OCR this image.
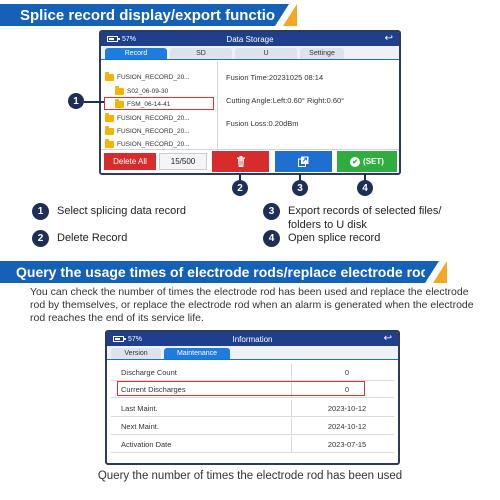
Splice record display/export function
57%	Data Storage	↩
Record	SD	U	Settinge
FUSION_RECORD_20...
S02_06-09-30
FSM_06-14-41
FUSION_RECORD_20...
FUSION_RECORD_20...
FUSION_RECORD_20...
Fusion Time:20231025 08:14
Cutting Angle:Left:0.60° Right:0.60°
Fusion Loss:0.20dBm
Delete All	15/500	✔ (SET)
1
2	3	4
1	Select splicing data record
2	Delete Record
3	Export records of selected files/ folders to U disk
4	Open splice record
Query the usage times of electrode rods/replace electrode rods

You can check the number of times the electrode rod has been used and replace the electrode rod by themselves, or replace the electrode rod when an alarm is generated when the electrode rod reaches the end of its service life.

57%	Information	↩
Version	Maintenance
Discharge Count	0
Current Discharges	0
Last Maint.	2023-10-12
Next Maint.	2024-10-12
Activation Date	2023-07-15
Query the number of times the electrode rod has been used
